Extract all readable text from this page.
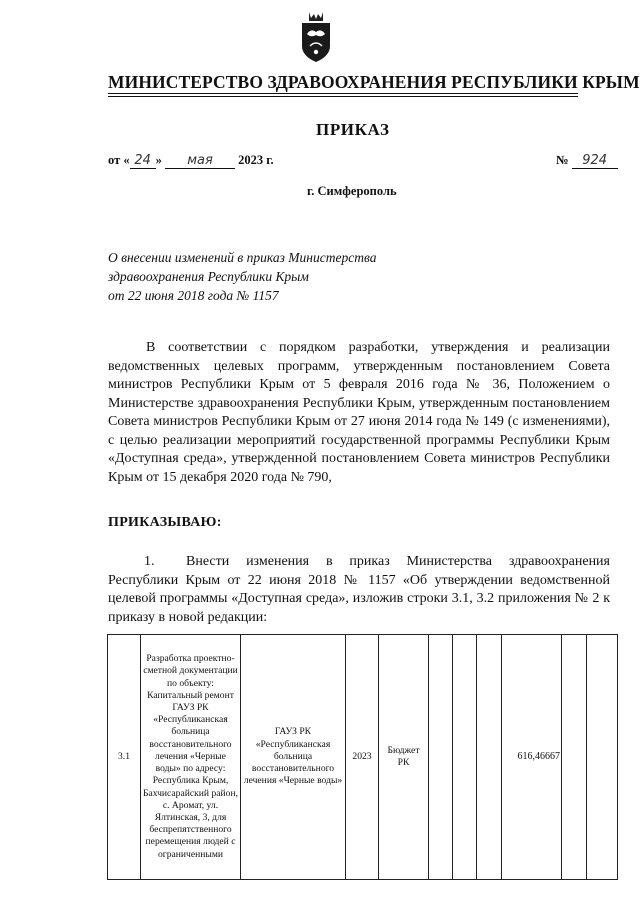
МИНИСТЕРСТВО ЗДРАВООХРАНЕНИЯ РЕСПУБЛИКИ КРЫМ
ПРИКАЗ
от « 24 » мая 2023 г.	№ 924
г. Симферополь
О внесении изменений в приказ Министерства
здравоохранения Республики Крым
от 22 июня 2018 года № 1157
В соответствии с порядком разработки, утверждения и реализации ведомственных целевых программ, утвержденным постановлением Совета министров Республики Крым от 5 февраля 2016 года № 36, Положением о Министерстве здравоохранения Республики Крым, утвержденным постановлением Совета министров Республики Крым от 27 июня 2014 года № 149 (с изменениями), с целью реализации мероприятий государственной программы Республики Крым «Доступная среда», утвержденной постановлением Совета министров Республики Крым от 15 декабря 2020 года № 790,
ПРИКАЗЫВАЮ:
1. Внести изменения в приказ Министерства здравоохранения Республики Крым от 22 июня 2018 № 1157 «Об утверждении ведомственной целевой программы «Доступная среда», изложив строки 3.1, 3.2 приложения № 2 к приказу в новой редакции:
3.1	Разработка проектно-сметной документации по объекту: Капитальный ремонт ГАУЗ РК «Республиканская больница восстановительного лечения «Черные воды» по адресу: Республика Крым, Бахчисарайский район, с. Аромат, ул. Ялтинская, 3, для беспрепятственного перемещения людей с ограниченными	ГАУЗ РК «Республиканская больница восстановительного лечения «Черные воды»	2023	Бюджет РК				616,46667		
